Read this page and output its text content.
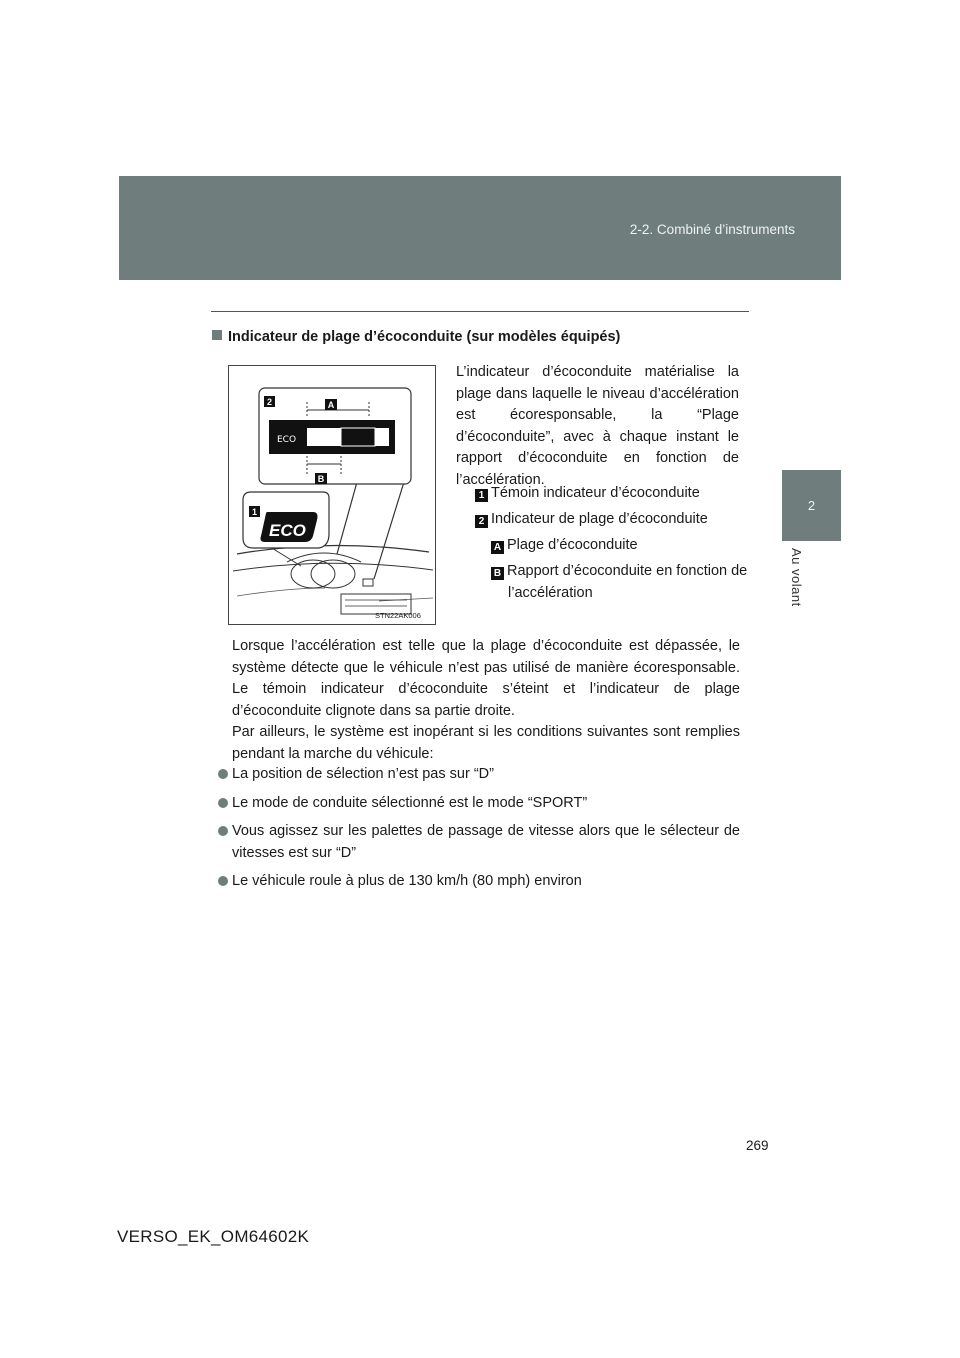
2-2. Combiné d’instruments
2
Au volant
Indicateur de plage d’écoconduite (sur modèles équipés)
ECO
2	A
B
1
ECO
STN22AK006
L’indicateur d’écoconduite matérialise la plage dans laquelle le niveau d’accélération est écoresponsable, la “Plage d’écoconduite”, avec à chaque instant le rapport d’écoconduite en fonction de l’accélération.
1 Témoin indicateur d’écoconduite
2 Indicateur de plage d’écoconduite
A Plage d’écoconduite
B Rapport d’écoconduite en fonction de l’accélération

Lorsque l’accélération est telle que la plage d’écoconduite est dépassée, le système détecte que le véhicule n’est pas utilisé de manière écoresponsable. Le témoin indicateur d’écoconduite s’éteint et l’indicateur de plage d’écoconduite clignote dans sa partie droite.

Par ailleurs, le système est inopérant si les conditions suivantes sont remplies pendant la marche du véhicule:

La position de sélection n’est pas sur “D”
Le mode de conduite sélectionné est le mode “SPORT”
Vous agissez sur les palettes de passage de vitesse alors que le sélecteur de vitesses est sur “D”
Le véhicule roule à plus de 130 km/h (80 mph) environ
269
VERSO_EK_OM64602K
